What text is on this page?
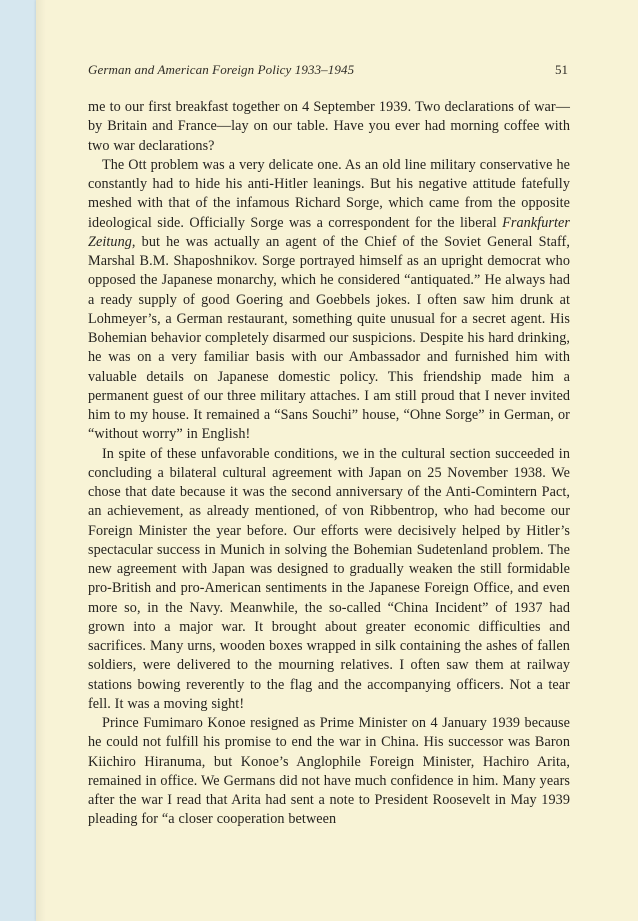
German and American Foreign Policy 1933–1945	51

me to our first breakfast together on 4 September 1939. Two declarations of war—by Britain and France—lay on our table. Have you ever had morning coffee with two war declarations?

The Ott problem was a very delicate one. As an old line military conservative he constantly had to hide his anti-Hitler leanings. But his negative attitude fatefully meshed with that of the infamous Richard Sorge, which came from the opposite ideological side. Officially Sorge was a correspondent for the liberal Frankfurter Zeitung, but he was actually an agent of the Chief of the Soviet General Staff, Marshal B.M. Shaposhnikov. Sorge portrayed himself as an upright democrat who opposed the Japanese monarchy, which he considered “antiquated.” He always had a ready supply of good Goering and Goebbels jokes. I often saw him drunk at Lohmeyer’s, a German restaurant, something quite unusual for a secret agent. His Bohemian behavior completely disarmed our suspicions. Despite his hard drinking, he was on a very familiar basis with our Ambassador and furnished him with valuable details on Japanese domestic policy. This friendship made him a permanent guest of our three military attaches. I am still proud that I never invited him to my house. It remained a “Sans Souchi” house, “Ohne Sorge” in German, or “without worry” in English!

In spite of these unfavorable conditions, we in the cultural section succeeded in concluding a bilateral cultural agreement with Japan on 25 November 1938. We chose that date because it was the second anniversary of the Anti-Comintern Pact, an achievement, as already mentioned, of von Ribbentrop, who had become our Foreign Minister the year before. Our efforts were decisively helped by Hitler’s spectacular success in Munich in solving the Bohemian Sudetenland problem. The new agreement with Japan was designed to gradually weaken the still formidable pro-British and pro-American sentiments in the Japanese Foreign Office, and even more so, in the Navy. Meanwhile, the so-called “China Incident” of 1937 had grown into a major war. It brought about greater economic difficulties and sacrifices. Many urns, wooden boxes wrapped in silk containing the ashes of fallen soldiers, were delivered to the mourning relatives. I often saw them at railway stations bowing reverently to the flag and the accompanying officers. Not a tear fell. It was a moving sight!

Prince Fumimaro Konoe resigned as Prime Minister on 4 January 1939 because he could not fulfill his promise to end the war in China. His successor was Baron Kiichiro Hiranuma, but Konoe’s Anglophile Foreign Minister, Hachiro Arita, remained in office. We Germans did not have much confidence in him. Many years after the war I read that Arita had sent a note to President Roosevelt in May 1939 pleading for “a closer cooperation between
